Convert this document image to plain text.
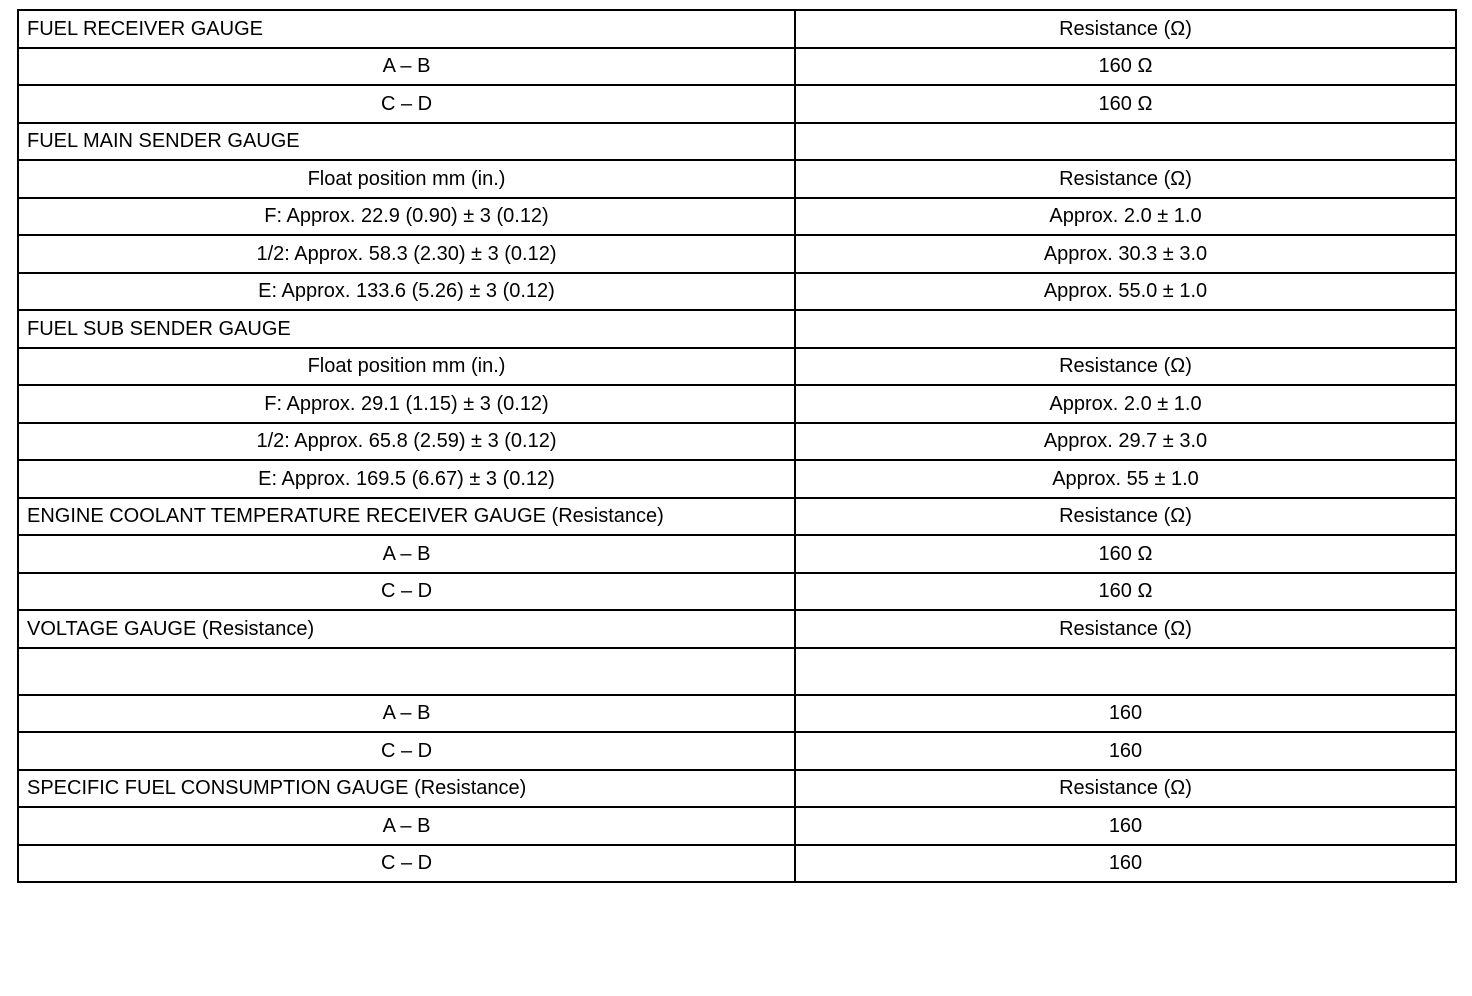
FUEL RECEIVER GAUGE	Resistance (Ω)
A – B	160 Ω
C – D	160 Ω
FUEL MAIN SENDER GAUGE	
Float position mm (in.)	Resistance (Ω)
F: Approx. 22.9 (0.90) ± 3 (0.12)	Approx. 2.0 ± 1.0
1/2: Approx. 58.3 (2.30) ± 3 (0.12)	Approx. 30.3 ± 3.0
E: Approx. 133.6 (5.26) ± 3 (0.12)	Approx. 55.0 ± 1.0
FUEL SUB SENDER GAUGE	
Float position mm (in.)	Resistance (Ω)
F: Approx. 29.1 (1.15) ± 3 (0.12)	Approx. 2.0 ± 1.0
1/2: Approx. 65.8 (2.59) ± 3 (0.12)	Approx. 29.7 ± 3.0
E: Approx. 169.5 (6.67) ± 3 (0.12)	Approx. 55 ± 1.0
ENGINE COOLANT TEMPERATURE RECEIVER GAUGE (Resistance)	Resistance (Ω)
A – B	160 Ω
C – D	160 Ω
VOLTAGE GAUGE (Resistance)	Resistance (Ω)

A – B	160
C – D	160
SPECIFIC FUEL CONSUMPTION GAUGE (Resistance)	Resistance (Ω)
A – B	160
C – D	160
